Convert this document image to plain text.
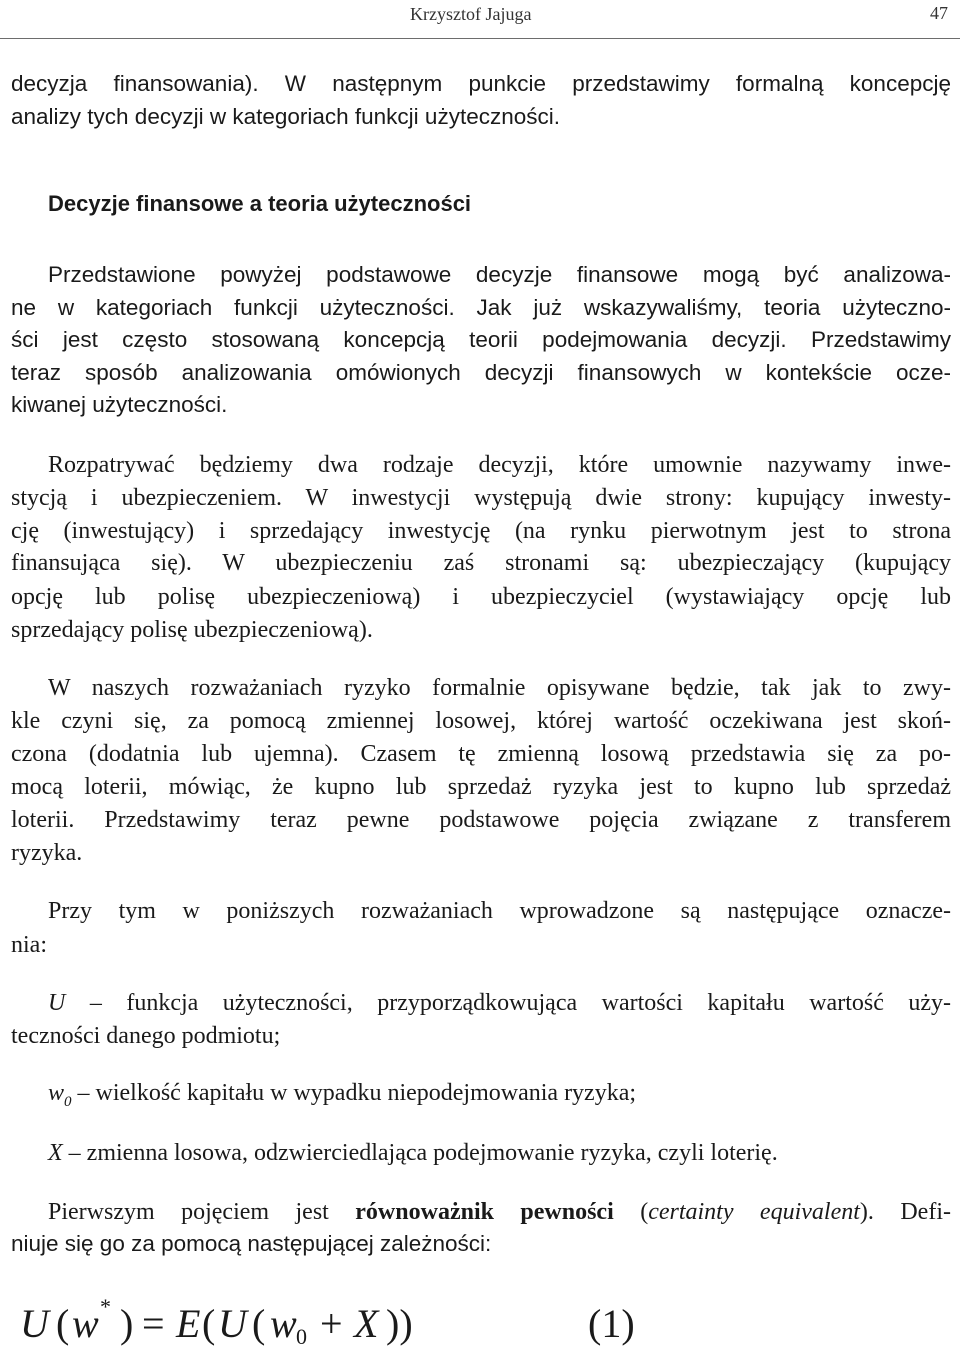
Krzysztof Jajuga	47
decyzja finansowania). W następnym punkcie przedstawimy formalną koncepcję
analizy tych decyzji w kategoriach funkcji użyteczności.
Decyzje finansowe a teoria użyteczności
Przedstawione powyżej podstawowe decyzje finansowe mogą być analizowa-
ne w kategoriach funkcji użyteczności. Jak już wskazywaliśmy, teoria użyteczno-
ści jest często stosowaną koncepcją teorii podejmowania decyzji. Przedstawimy
teraz sposób analizowania omówionych decyzji finansowych w kontekście ocze-
kiwanej użyteczności.
Rozpatrywać będziemy dwa rodzaje decyzji, które umownie nazywamy inwe-
stycją i ubezpieczeniem. W inwestycji występują dwie strony: kupujący inwesty-
cję (inwestujący) i sprzedający inwestycję (na rynku pierwotnym jest to strona
finansująca się). W ubezpieczeniu zaś stronami są: ubezpieczający (kupujący
opcję lub polisę ubezpieczeniową) i ubezpieczyciel (wystawiający opcję lub
sprzedający polisę ubezpieczeniową).
W naszych rozważaniach ryzyko formalnie opisywane będzie, tak jak to zwy-
kle czyni się, za pomocą zmiennej losowej, której wartość oczekiwana jest skoń-
czona (dodatnia lub ujemna). Czasem tę zmienną losową przedstawia się za po-
mocą loterii, mówiąc, że kupno lub sprzedaż ryzyka jest to kupno lub sprzedaż
loterii. Przedstawimy teraz pewne podstawowe pojęcia związane z transferem
ryzyka.
Przy tym w poniższych rozważaniach wprowadzone są następujące oznacze-
nia:
U – funkcja użyteczności, przyporządkowująca wartości kapitału wartość uży-
teczności danego podmiotu;
$w_0$ – wielkość kapitału w wypadku niepodejmowania ryzyka;
X – zmienna losowa, odzwierciedlająca podejmowanie ryzyka, czyli loterię.
Pierwszym pojęciem jest równoważnik pewności (certainty equivalent). Defi-
niuje się go za pomocą następującej zależności:
U ( w * ) = E ( U ( w 0 + X ))	(1)
